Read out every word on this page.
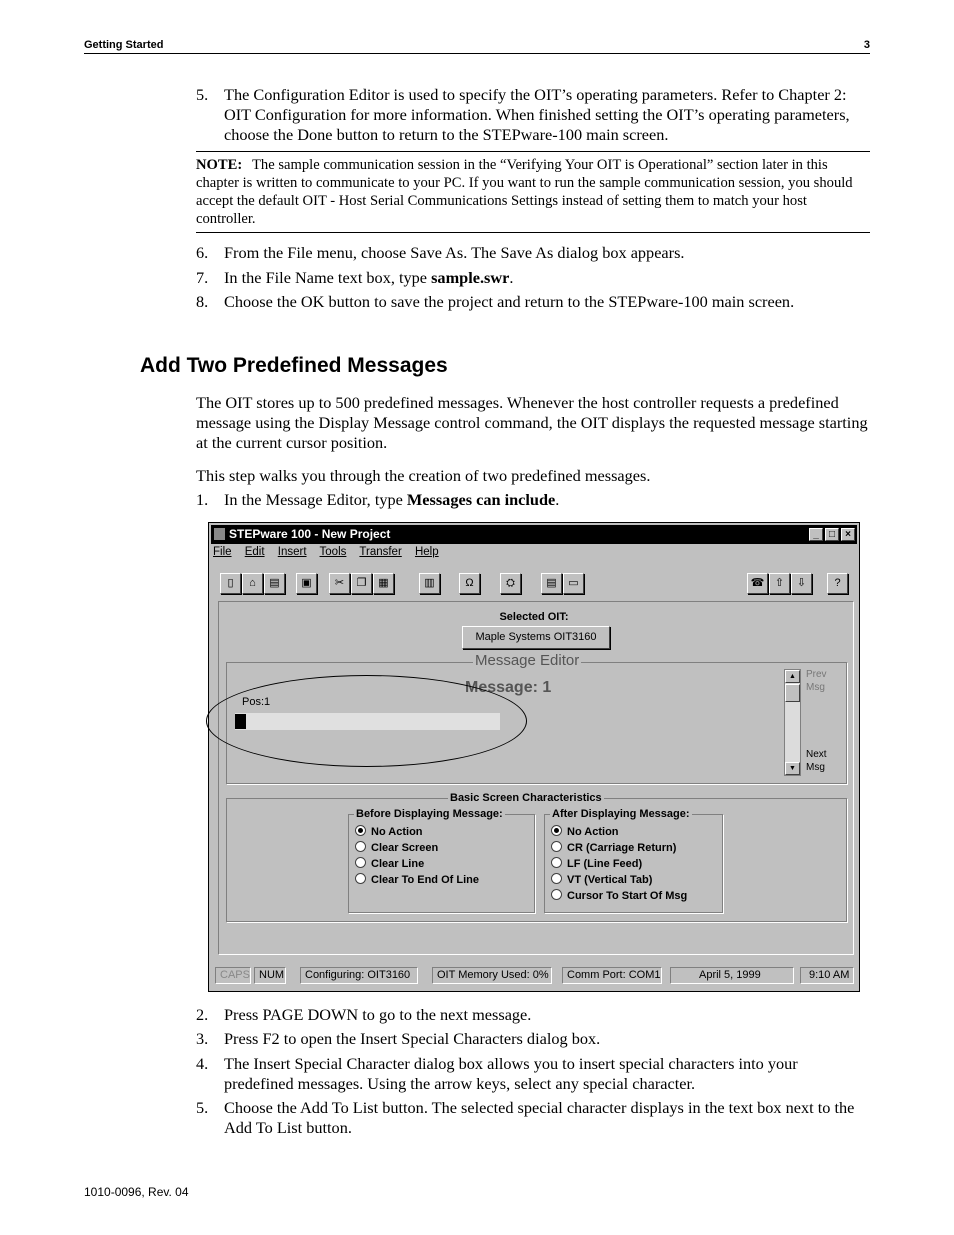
Getting Started	3
5. The Configuration Editor is used to specify the OIT’s operating parameters. Refer to Chapter 2: OIT Configuration for more information. When finished setting the OIT’s operating parameters, choose the Done button to return to the STEPware-100 main screen.
NOTE: The sample communication session in the “Verifying Your OIT is Operational” section later in this chapter is written to communicate to your PC. If you want to run the sample communication session, you should accept the default OIT - Host Serial Communications Settings instead of setting them to match your host controller.
6. From the File menu, choose Save As. The Save As dialog box appears.
7. In the File Name text box, type sample.swr.
8. Choose the OK button to save the project and return to the STEPware-100 main screen.
Add Two Predefined Messages
The OIT stores up to 500 predefined messages. Whenever the host controller requests a predefined message using the Display Message control command, the OIT displays the requested message starting at the current cursor position.
This step walks you through the creation of two predefined messages.
1. In the Message Editor, type Messages can include.
STEPware 100 - New Project	_	□	×
File Edit Insert Tools Transfer Help
▯	⌂	▤	▣	✂	❐	▦	▥	Ω	⛭	▤	▭	☎ ⇧	⇩	?
Selected OIT:
Maple Systems OIT3160
Message Editor
Message: 1
Pos:1
▲
▼
Prev
Msg
Next
Msg
Basic Screen Characteristics
Before Displaying Message:
No Action
Clear Screen
Clear Line
Clear To End Of Line
After Displaying Message:
No Action
CR (Carriage Return)
LF (Line Feed)
VT (Vertical Tab)
Cursor To Start Of Msg
CAPS NUM	Configuring: OIT3160	OIT Memory Used: 0%	Comm Port: COM1	April 5, 1999	9:10 AM
2. Press PAGE DOWN to go to the next message.
3. Press F2 to open the Insert Special Characters dialog box.
4. The Insert Special Character dialog box allows you to insert special characters into your predefined messages. Using the arrow keys, select any special character.
5. Choose the Add To List button. The selected special character displays in the text box next to the Add To List button.
1010-0096, Rev. 04
